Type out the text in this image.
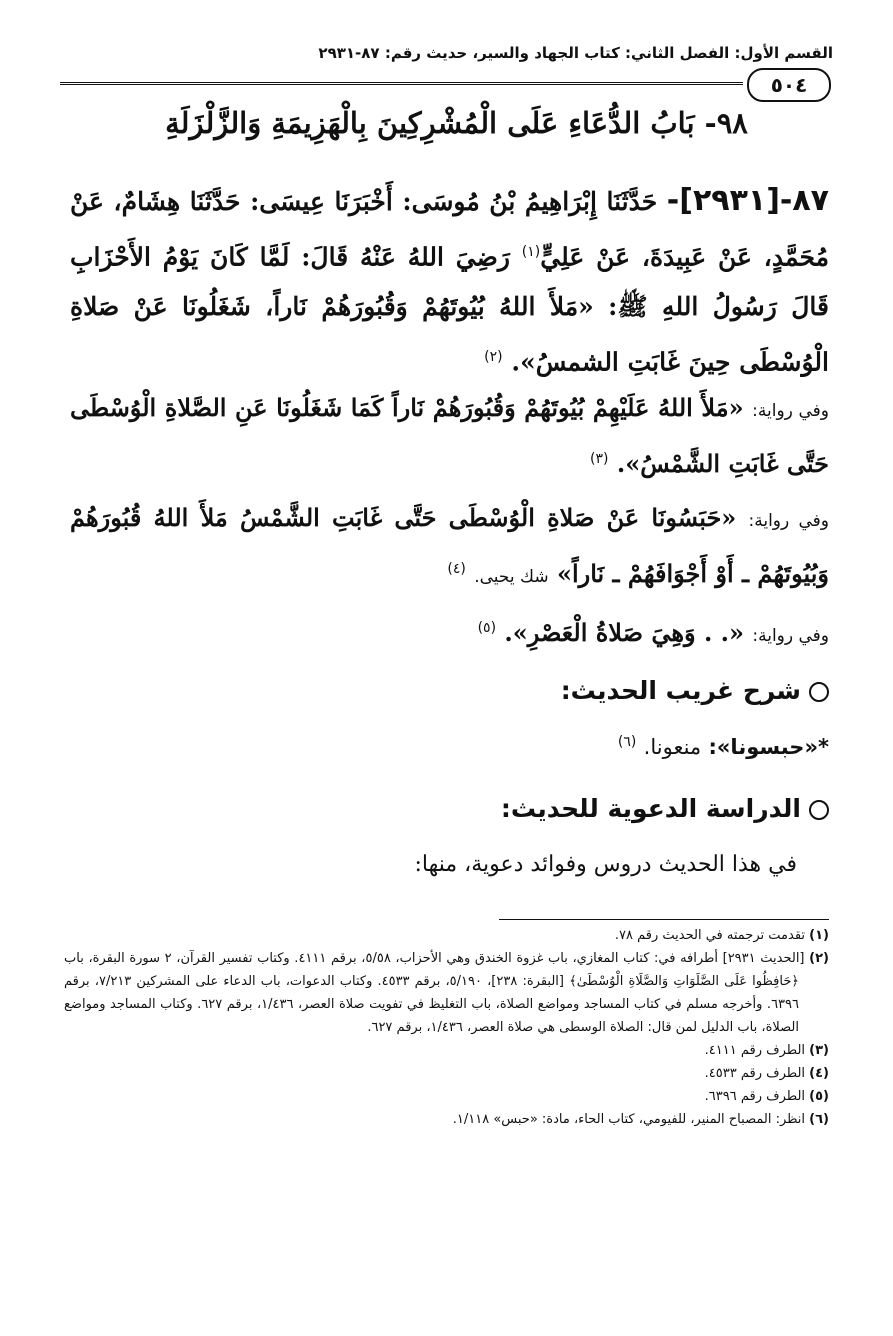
القسم الأول: الفصل الثاني: كتاب الجهاد والسير، حديث رقم: ٨٧-٢٩٣١
٥٠٤
٩٨- بَابُ الدُّعَاءِ عَلَى الْمُشْرِكِينَ بِالْهَزِيمَةِ وَالزَّلْزَلَةِ
٨٧-[٢٩٣١]- حَدَّثَنَا إِبْرَاهِيمُ بْنُ مُوسَى: أَخْبَرَنَا عِيسَى: حَدَّثَنَا هِشَامٌ، عَنْ مُحَمَّدٍ، عَنْ عَبِيدَةَ، عَنْ عَلِيٍّ$^{(١)}$ رَضِيَ اللهُ عَنْهُ قَالَ: لَمَّا كَانَ يَوْمُ الأَحْزَابِ قَالَ رَسُولُ اللهِ ﷺ: «مَلأَ اللهُ بُيُوتَهُمْ وَقُبُورَهُمْ نَاراً، شَغَلُونَا عَنْ صَلاةِ الْوُسْطَى حِينَ غَابَتِ الشمسُ». $^{(٢)}$
وفي رواية: «مَلأَ اللهُ عَلَيْهِمْ بُيُوتَهُمْ وَقُبُورَهُمْ نَاراً كَمَا شَغَلُونَا عَنِ الصَّلاةِ الْوُسْطَى حَتَّى غَابَتِ الشَّمْسُ». $^{(٣)}$
وفي رواية: «حَبَسُونَا عَنْ صَلاةِ الْوُسْطَى حَتَّى غَابَتِ الشَّمْسُ مَلأَ اللهُ قُبُورَهُمْ وَبُيُوتَهُمْ ـ أَوْ أَجْوَافَهُمْ ـ نَاراً» شك يحيى. $^{(٤)}$
وفي رواية: «. . وَهِيَ صَلاةُ الْعَصْرِ». $^{(٥)}$
شرح غريب الحديث:
*«حبسونا»: منعونا. $^{(٦)}$
الدراسة الدعوية للحديث:
في هذا الحديث دروس وفوائد دعوية، منها:

(١) تقدمت ترجمته في الحديث رقم ٧٨.

(٢) [الحديث ٢٩٣١] أطرافه في: كتاب المغازي، باب غزوة الخندق وهي الأحزاب، ٥/٥٨، برقم ٤١١١. وكتاب تفسير القرآن، ٢ سورة البقرة، باب ﴿حَافِظُوا عَلَى الصَّلَوَاتِ وَالصَّلَاةِ الْوُسْطَىٰ﴾ [البقرة: ٢٣٨]، ٥/١٩٠، برقم ٤٥٣٣. وكتاب الدعوات، باب الدعاء على المشركين ٧/٢١٣، برقم ٦٣٩٦. وأخرجه مسلم في كتاب المساجد ومواضع الصلاة، باب التغليظ في تفويت صلاة العصر، ١/٤٣٦، برقم ٦٢٧. وكتاب المساجد ومواضع الصلاة، باب الدليل لمن قال: الصلاة الوسطى هي صلاة العصر، ١/٤٣٦، برقم ٦٢٧.

(٣) الطرف رقم ٤١١١.

(٤) الطرف رقم ٤٥٣٣.

(٥) الطرف رقم ٦٣٩٦.

(٦) انظر: المصباح المنير، للفيومي، كتاب الحاء، مادة: «حبس» ١/١١٨.
